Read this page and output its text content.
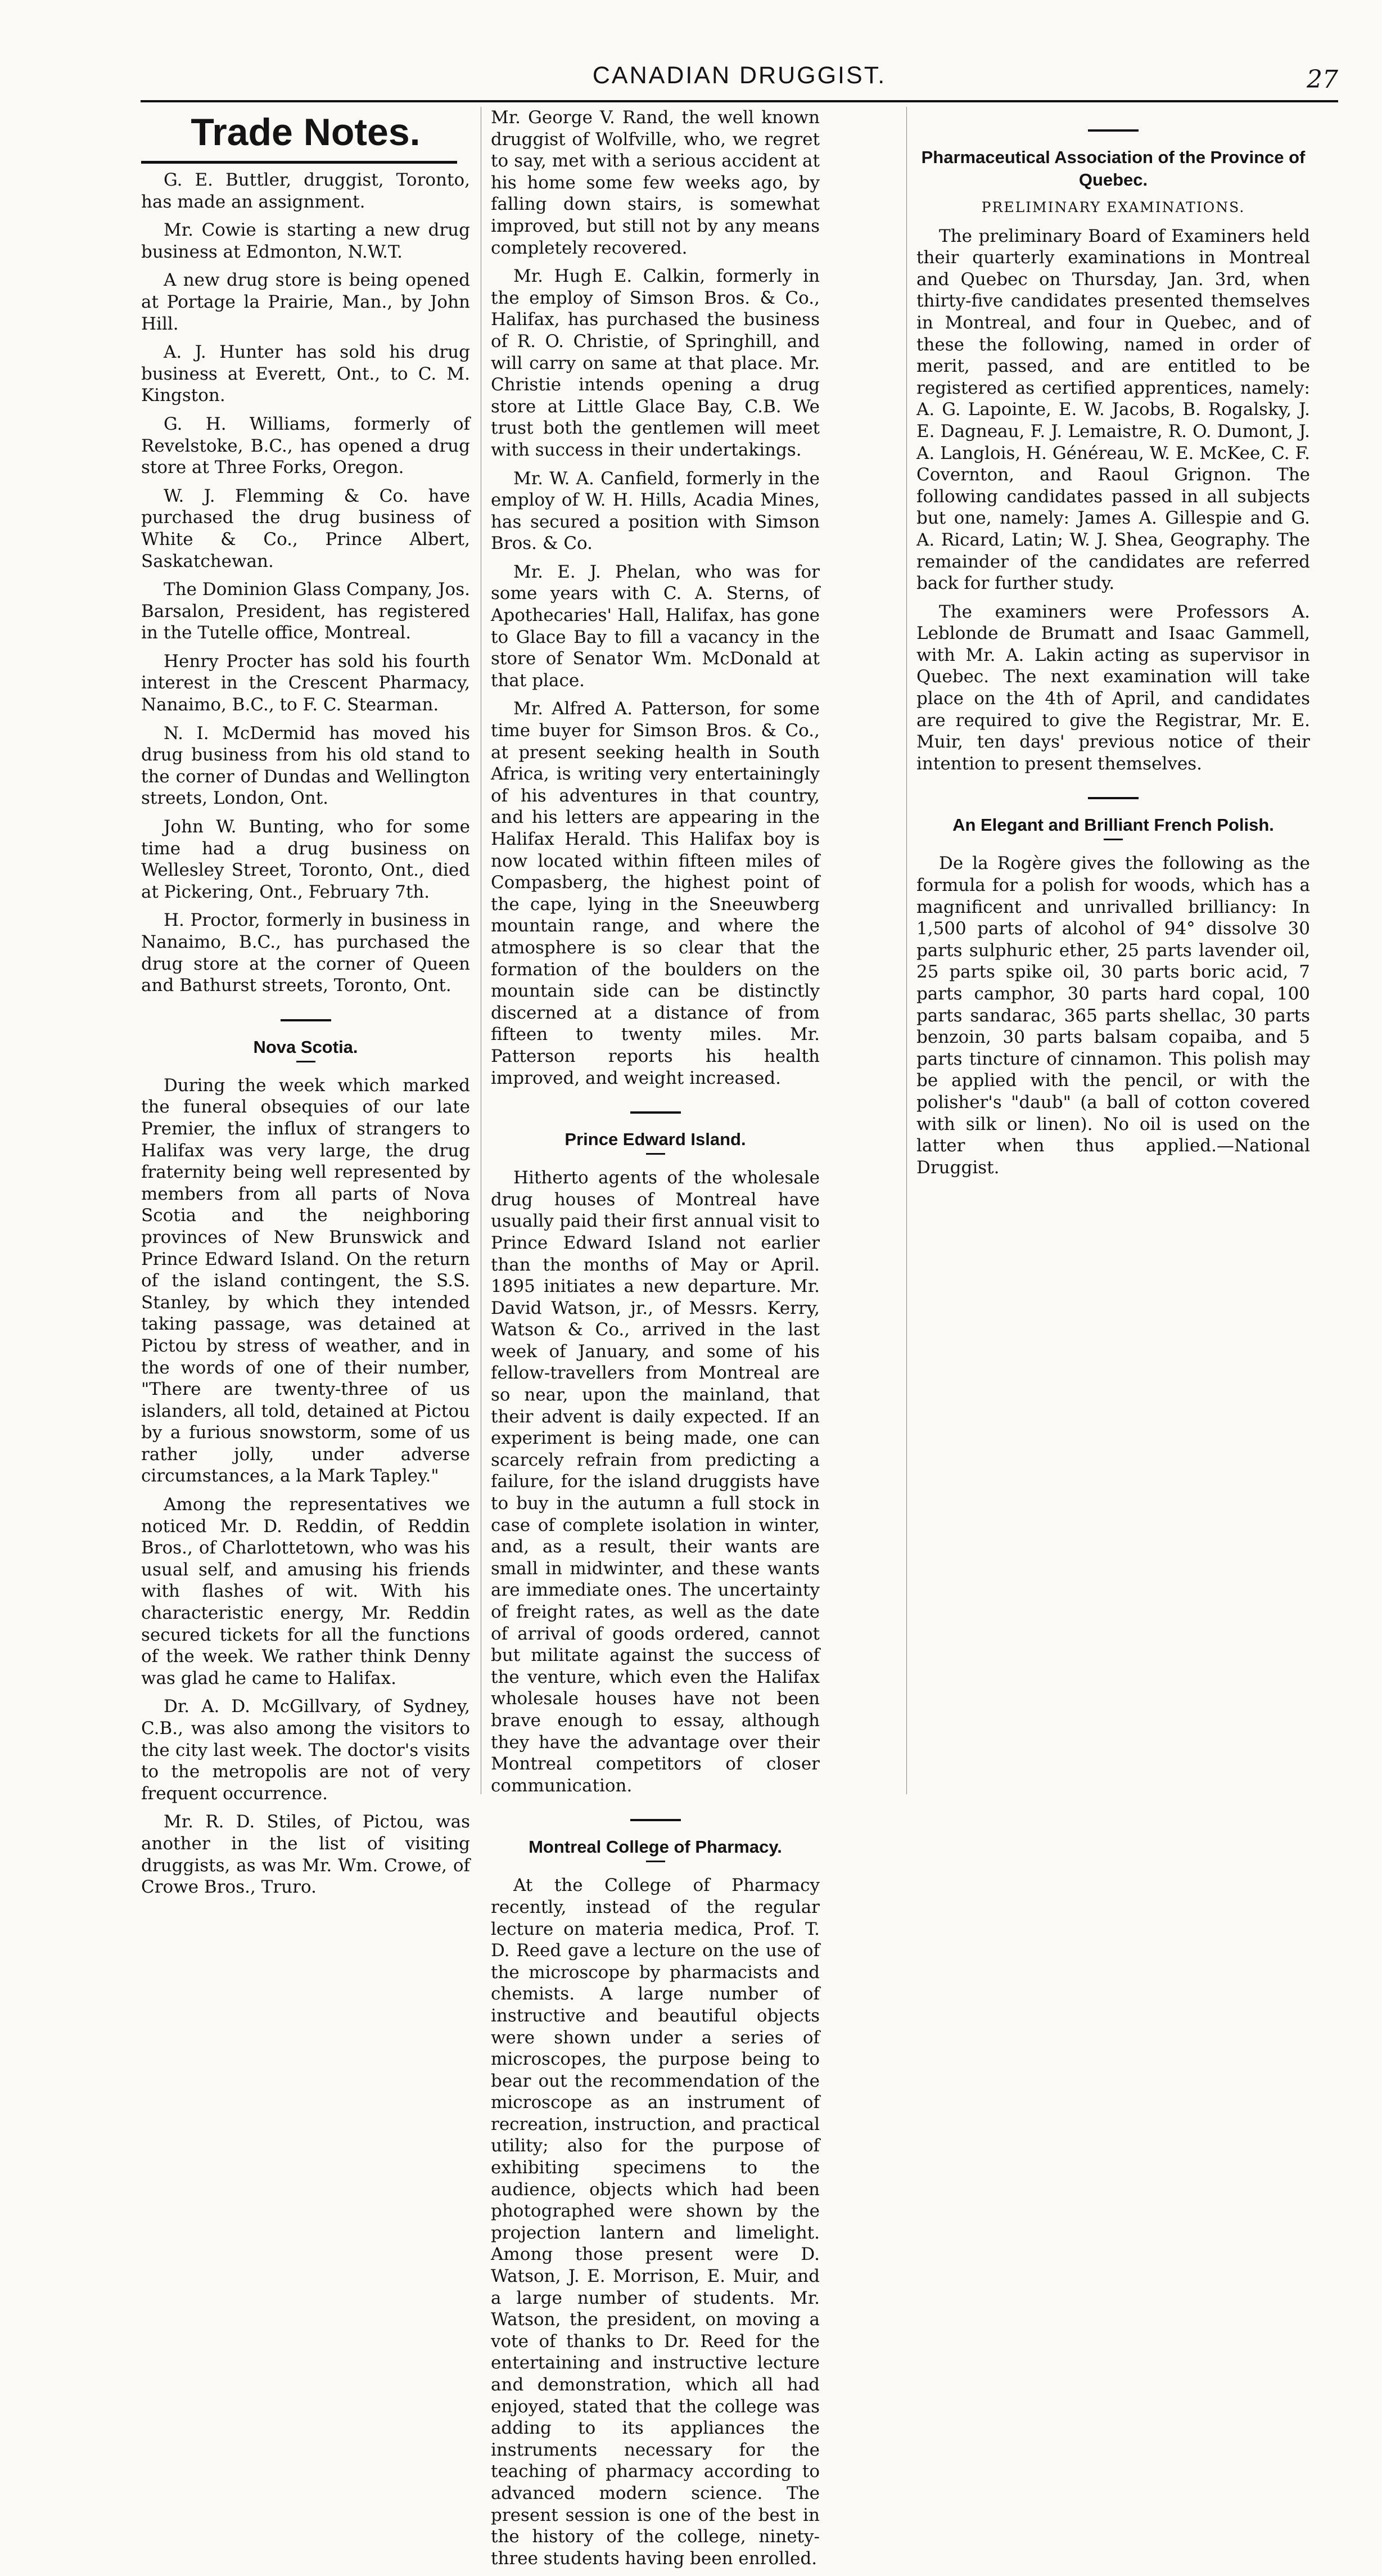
CANADIAN DRUGGIST.	27
Trade Notes.

G. E. Buttler, druggist, Toronto, has made an assignment.

Mr. Cowie is starting a new drug business at Edmonton, N.W.T.

A new drug store is being opened at Portage la Prairie, Man., by John Hill.

A. J. Hunter has sold his drug business at Everett, Ont., to C. M. Kingston.

G. H. Williams, formerly of Revelstoke, B.C., has opened a drug store at Three Forks, Oregon.

W. J. Flemming & Co. have purchased the drug business of White & Co., Prince Albert, Saskatchewan.

The Dominion Glass Company, Jos. Barsalon, President, has registered in the Tutelle office, Montreal.

Henry Procter has sold his fourth interest in the Crescent Pharmacy, Nanaimo, B.C., to F. C. Stearman.

N. I. McDermid has moved his drug business from his old stand to the corner of Dundas and Wellington streets, London, Ont.

John W. Bunting, who for some time had a drug business on Wellesley Street, Toronto, Ont., died at Pickering, Ont., February 7th.

H. Proctor, formerly in business in Nanaimo, B.C., has purchased the drug store at the corner of Queen and Bathurst streets, Toronto, Ont.

Nova Scotia.

During the week which marked the funeral obsequies of our late Premier, the influx of strangers to Halifax was very large, the drug fraternity being well represented by members from all parts of Nova Scotia and the neighboring provinces of New Brunswick and Prince Edward Island. On the return of the island contingent, the S.S. Stanley, by which they intended taking passage, was detained at Pictou by stress of weather, and in the words of one of their number, "There are twenty-three of us islanders, all told, detained at Pictou by a furious snowstorm, some of us rather jolly, under adverse circumstances, a la Mark Tapley."

Among the representatives we noticed Mr. D. Reddin, of Reddin Bros., of Charlottetown, who was his usual self, and amusing his friends with flashes of wit. With his characteristic energy, Mr. Reddin secured tickets for all the functions of the week. We rather think Denny was glad he came to Halifax.

Dr. A. D. McGillvary, of Sydney, C.B., was also among the visitors to the city last week. The doctor's visits to the metropolis are not of very frequent occurrence.

Mr. R. D. Stiles, of Pictou, was another in the list of visiting druggists, as was Mr. Wm. Crowe, of Crowe Bros., Truro.

Mr. George V. Rand, the well known druggist of Wolfville, who, we regret to say, met with a serious accident at his home some few weeks ago, by falling down stairs, is somewhat improved, but still not by any means completely recovered.

Mr. Hugh E. Calkin, formerly in the employ of Simson Bros. & Co., Halifax, has purchased the business of R. O. Christie, of Springhill, and will carry on same at that place. Mr. Christie intends opening a drug store at Little Glace Bay, C.B. We trust both the gentlemen will meet with success in their undertakings.

Mr. W. A. Canfield, formerly in the employ of W. H. Hills, Acadia Mines, has secured a position with Simson Bros. & Co.

Mr. E. J. Phelan, who was for some years with C. A. Sterns, of Apothecaries' Hall, Halifax, has gone to Glace Bay to fill a vacancy in the store of Senator Wm. McDonald at that place.

Mr. Alfred A. Patterson, for some time buyer for Simson Bros. & Co., at present seeking health in South Africa, is writing very entertainingly of his adventures in that country, and his letters are appearing in the Halifax Herald. This Halifax boy is now located within fifteen miles of Compasberg, the highest point of the cape, lying in the Sneeuwberg mountain range, and where the atmosphere is so clear that the formation of the boulders on the mountain side can be distinctly discerned at a distance of from fifteen to twenty miles. Mr. Patterson reports his health improved, and weight increased.

Prince Edward Island.

Hitherto agents of the wholesale drug houses of Montreal have usually paid their first annual visit to Prince Edward Island not earlier than the months of May or April. 1895 initiates a new departure. Mr. David Watson, jr., of Messrs. Kerry, Watson & Co., arrived in the last week of January, and some of his fellow-travellers from Montreal are so near, upon the mainland, that their advent is daily expected. If an experiment is being made, one can scarcely refrain from predicting a failure, for the island druggists have to buy in the autumn a full stock in case of complete isolation in winter, and, as a result, their wants are small in midwinter, and these wants are immediate ones. The uncertainty of freight rates, as well as the date of arrival of goods ordered, cannot but militate against the success of the venture, which even the Halifax wholesale houses have not been brave enough to essay, although they have the advantage over their Montreal competitors of closer communication.

Montreal College of Pharmacy.

At the College of Pharmacy recently, instead of the regular lecture on materia medica, Prof. T. D. Reed gave a lecture on the use of the microscope by pharmacists and chemists. A large number of instructive and beautiful objects were shown under a series of microscopes, the purpose being to bear out the recommendation of the microscope as an instrument of recreation, instruction, and practical utility; also for the purpose of exhibiting specimens to the audience, objects which had been photographed were shown by the projection lantern and limelight. Among those present were D. Watson, J. E. Morrison, E. Muir, and a large number of students. Mr. Watson, the president, on moving a vote of thanks to Dr. Reed for the entertaining and instructive lecture and demonstration, which all had enjoyed, stated that the college was adding to its appliances the instruments necessary for the teaching of pharmacy according to advanced modern science. The present session is one of the best in the history of the college, ninety-three students having been enrolled.

Pharmaceutical Association of the Province of Quebec.
PRELIMINARY EXAMINATIONS.

The preliminary Board of Examiners held their quarterly examinations in Montreal and Quebec on Thursday, Jan. 3rd, when thirty-five candidates presented themselves in Montreal, and four in Quebec, and of these the following, named in order of merit, passed, and are entitled to be registered as certified apprentices, namely: A. G. Lapointe, E. W. Jacobs, B. Rogalsky, J. E. Dagneau, F. J. Lemaistre, R. O. Dumont, J. A. Langlois, H. Généreau, W. E. McKee, C. F. Covernton, and Raoul Grignon. The following candidates passed in all subjects but one, namely: James A. Gillespie and G. A. Ricard, Latin; W. J. Shea, Geography. The remainder of the candidates are referred back for further study.

The examiners were Professors A. Leblonde de Brumatt and Isaac Gammell, with Mr. A. Lakin acting as supervisor in Quebec. The next examination will take place on the 4th of April, and candidates are required to give the Registrar, Mr. E. Muir, ten days' previous notice of their intention to present themselves.

An Elegant and Brilliant French Polish.

De la Rogère gives the following as the formula for a polish for woods, which has a magnificent and unrivalled brilliancy: In 1,500 parts of alcohol of 94° dissolve 30 parts sulphuric ether, 25 parts lavender oil, 25 parts spike oil, 30 parts boric acid, 7 parts camphor, 30 parts hard copal, 100 parts sandarac, 365 parts shellac, 30 parts benzoin, 30 parts balsam copaiba, and 5 parts tincture of cinnamon. This polish may be applied with the pencil, or with the polisher's "daub" (a ball of cotton covered with silk or linen). No oil is used on the latter when thus applied.—National Druggist.
